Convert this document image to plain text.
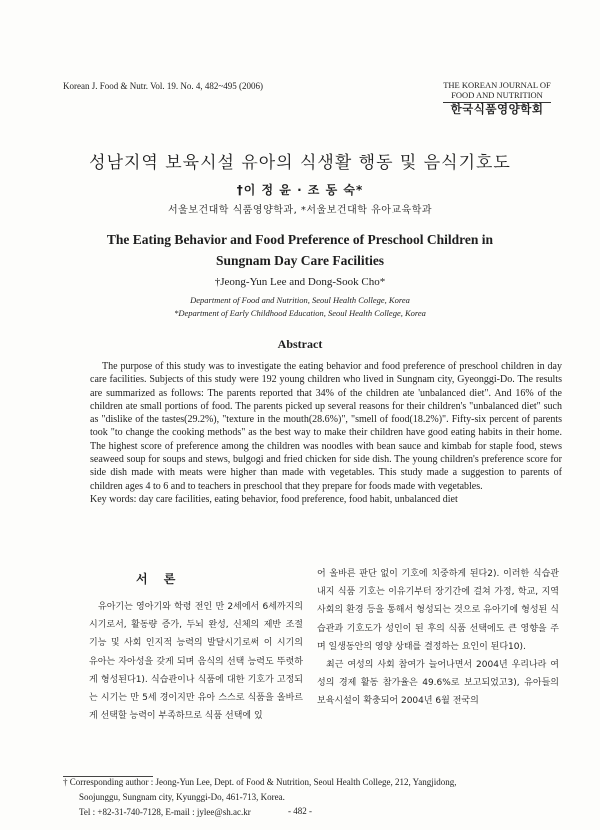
Korean J. Food & Nutr. Vol. 19. No. 4, 482~495 (2006)	THE KOREAN JOURNAL OF
FOOD AND NUTRITION
한국식품영양학회
성남지역 보육시설 유아의 식생활 행동 및 음식기호도
†이 정 윤 · 조 동 숙*
서울보건대학 식품영양학과, *서울보건대학 유아교육학과
The Eating Behavior and Food Preference of Preschool Children in
Sungnam Day Care Facilities
†Jeong-Yun Lee and Dong-Sook Cho*
Department of Food and Nutrition, Seoul Health College, Korea
*Department of Early Childhood Education, Seoul Health College, Korea
Abstract

The purpose of this study was to investigate the eating behavior and food preference of preschool children in day care facilities. Subjects of this study were 192 young children who lived in Sungnam city, Gyeonggi-Do. The results are summarized as follows: The parents reported that 34% of the children ate 'unbalanced diet". And 16% of the children ate small portions of food. The parents picked up several reasons for their children's "unbalanced diet" such as "dislike of the tastes(29.2%), "texture in the mouth(28.6%)", "smell of food(18.2%)". Fifty-six percent of parents took "to change the cooking methods" as the best way to make their children have good eating habits in their home. The highest score of preference among the children was noodles with bean sauce and kimbab for staple food, stews seaweed soup for soups and stews, bulgogi and fried chicken for side dish. The young children's preference score for side dish made with meats were higher than made with vegetables. This study made a suggestion to parents of children ages 4 to 6 and to teachers in preschool that they prepare for foods made with vegetables.

Key words: day care facilities, eating behavior, food preference, food habit, unbalanced diet

서 론

유아기는 영아기와 학령 전인 만 2세에서 6세까지의 시기로서, 활동량 증가, 두뇌 완성, 신체의 제반 조절 기능 및 사회 인지적 능력의 발달시기로써 이 시기의 유아는 자아성을 갖게 되며 음식의 선택 능력도 뚜렷하게 형성된다1). 식습관이나 식품에 대한 기호가 고정되는 시기는 만 5세 경이지만 유아 스스로 식품을 올바르게 선택할 능력이 부족하므로 식품 선택에 있

어 올바른 판단 없이 기호에 치중하게 된다2). 이러한 식습관 내지 식품 기호는 이유기부터 장기간에 걸쳐 가정, 학교, 지역사회의 환경 등을 통해서 형성되는 것으로 유아기에 형성된 식습관과 기호도가 성인이 된 후의 식품 선택에도 큰 영향을 주며 일생동안의 영양 상태를 결정하는 요인이 된다10).

최근 여성의 사회 참여가 늘어나면서 2004년 우리나라 여성의 경제 활동 참가율은 49.6%로 보고되었고3), 유아들의 보육시설이 확충되어 2004년 6월 전국의

† Corresponding author : Jeong-Yun Lee, Dept. of Food & Nutrition, Seoul Health College, 212, Yangjidong,
Soojunggu, Sungnam city, Kyunggi-Do, 461-713, Korea.
Tel : +82-31-740-7128, E-mail : jylee@sh.ac.kr	- 482 -
